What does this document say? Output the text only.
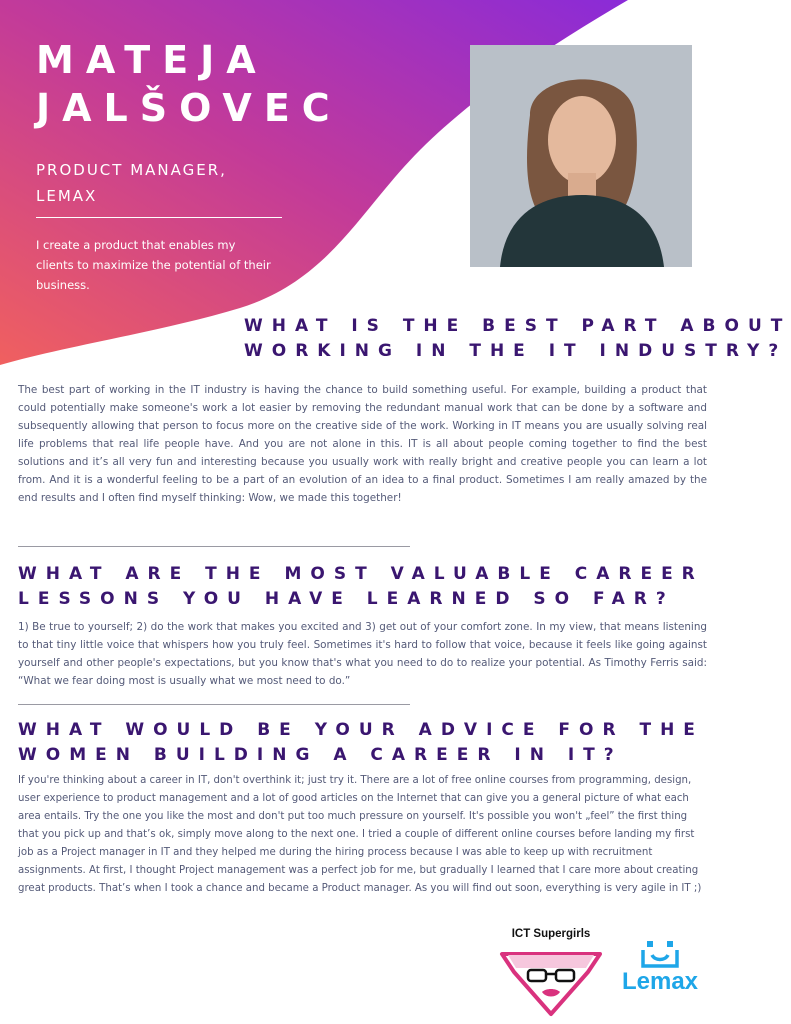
MATEJA
JALŠOVEC
PRODUCT MANAGER,
LEMAX

I create a product that enables my clients to maximize the potential of their business.

WHAT IS THE BEST PART ABOUT
WORKING IN THE IT INDUSTRY?

The best part of working in the IT industry is having the chance to build something useful. For example, building a product that could potentially make someone's work a lot easier by removing the redundant manual work that can be done by a software and subsequently allowing that person to focus more on the creative side of the work. Working in IT means you are usually solving real life problems that real life people have. And you are not alone in this. IT is all about people coming together to find the best solutions and it’s all very fun and interesting because you usually work with really bright and creative people you can learn a lot from. And it is a wonderful feeling to be a part of an evolution of an idea to a final product. Sometimes I am really amazed by the end results and I often find myself thinking: Wow, we made this together!

WHAT ARE THE MOST VALUABLE CAREER
LESSONS YOU HAVE LEARNED SO FAR?

1) Be true to yourself; 2) do the work that makes you excited and 3) get out of your comfort zone. In my view, that means listening to that tiny little voice that whispers how you truly feel. Sometimes it's hard to follow that voice, because it feels like going against yourself and other people's expectations, but you know that's what you need to do to realize your potential. As Timothy Ferris said: “What we fear doing most is usually what we most need to do.”

WHAT WOULD BE YOUR ADVICE FOR THE
WOMEN BUILDING A CAREER IN IT?

If you're thinking about a career in IT, don't overthink it; just try it. There are a lot of free online courses from programming, design, user experience to product management and a lot of good articles on the Internet that can give you a general picture of what each area entails. Try the one you like the most and don't put too much pressure on yourself. It's possible you won't „feel” the first thing that you pick up and that’s ok, simply move along to the next one. I tried a couple of different online courses before landing my first job as a Project manager in IT and they helped me during the hiring process because I was able to keep up with recruitment assignments. At first, I thought Project management was a perfect job for me, but gradually I learned that I care more about creating great products. That’s when I took a chance and became a Product manager. As you will find out soon, everything is very agile in IT ;)

ICT Supergirls
Lemax
